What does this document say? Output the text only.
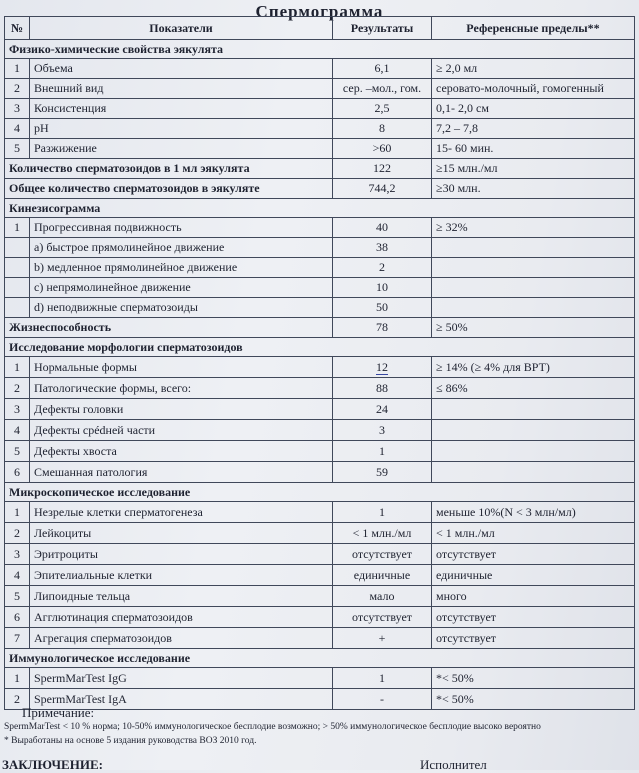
Спермограмма
№	Показатели	Результаты	Референсные пределы**
Физико-химические свойства эякулята			
1	Объема	6,1	≥ 2,0 мл
2	Внешний вид	сер. –мол., гом.	серовато-молочный, гомогенный
3	Консистенция	2,5	0,1- 2,0 см
4	pH	8	7,2 – 7,8
5	Разжижение	>60	15- 60 мин.
Количество сперматозоидов в 1 мл эякулята		122	≥15 млн./мл
Общее количество сперматозоидов в эякуляте		744,2	≥30 млн.
Кинезисограмма			
1	Прогрессивная подвижность	40	≥ 32%
	a) быстрое прямолинейное движение	38	
	b) медленное прямолинейное движение	2	
	c) непрямолинейное движение	10	
	d) неподвижные сперматозоиды	50	
Жизнеспособность		78	≥ 50%
Исследование морфологии сперматозоидов			
1	Нормальные формы	12	≥ 14% (≥ 4% для ВРТ)
2	Патологические формы, всего:	88	≤ 86%
3	Дефекты головки	24	
4	Дефекты срédней части	3	
5	Дефекты хвоста	1	
6	Смешанная патология	59	
Микроскопическое исследование			
1	Незрелые клетки сперматогенеза	1	меньше 10%(N < 3 млн/мл)
2	Лейкоциты	< 1 млн./мл	< 1 млн./мл
3	Эритроциты	отсутствует	отсутствует
4	Эпителиальные клетки	единичные	единичные
5	Липоидные тельца	мало	много
6	Агглютинация сперматозоидов	отсутствует	отсутствует
7	Агрегация сперматозоидов	+	отсутствует
Иммунологическое исследование			
1	SpermMarTest IgG	1	*< 50%
2	SpermMarTest IgA	-	*< 50%
Примечание:
SpermMarTest < 10 % норма; 10-50% иммунологическое бесплодие возможно; > 50% иммунологическое бесплодие высоко вероятно
* Выработаны на основе 5 издания руководства ВОЗ 2010 год.
ЗАКЛЮЧЕНИЕ:	Исполнител
